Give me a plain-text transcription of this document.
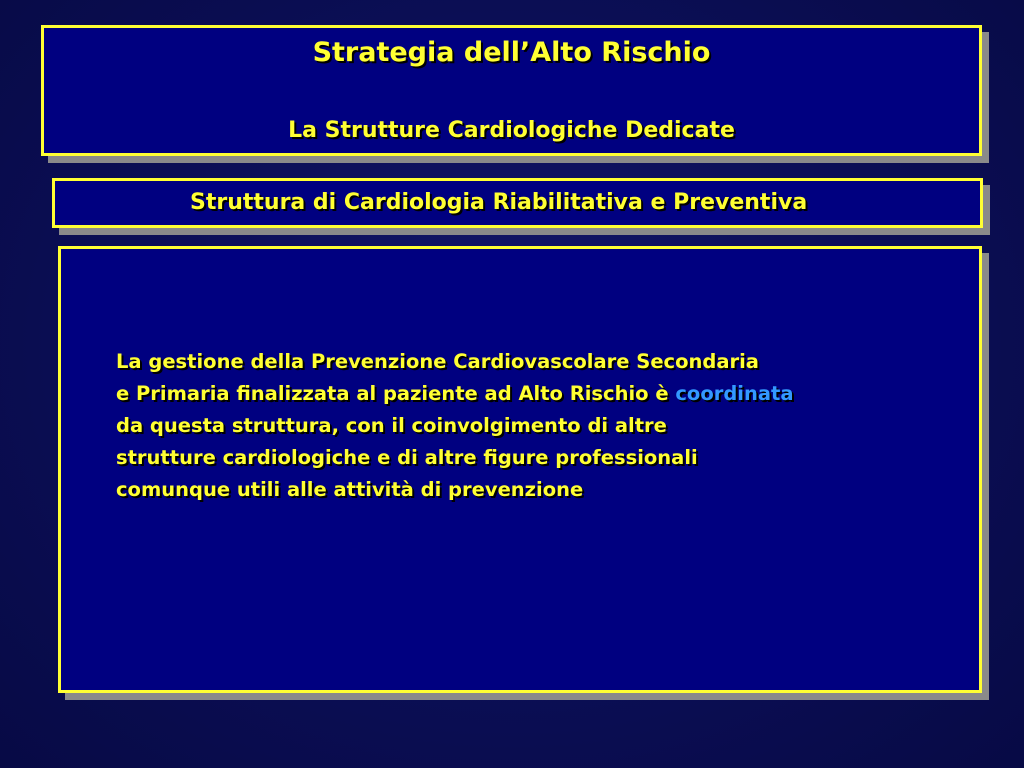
Strategia dell’Alto Rischio

La Strutture Cardiologiche Dedicate

Struttura di Cardiologia Riabilitativa e Preventiva

La gestione della Prevenzione Cardiovascolare Secondaria
e Primaria finalizzata al paziente ad Alto Rischio è coordinata
da questa struttura, con il coinvolgimento di altre
strutture cardiologiche e di altre figure professionali
comunque utili alle attività di prevenzione
